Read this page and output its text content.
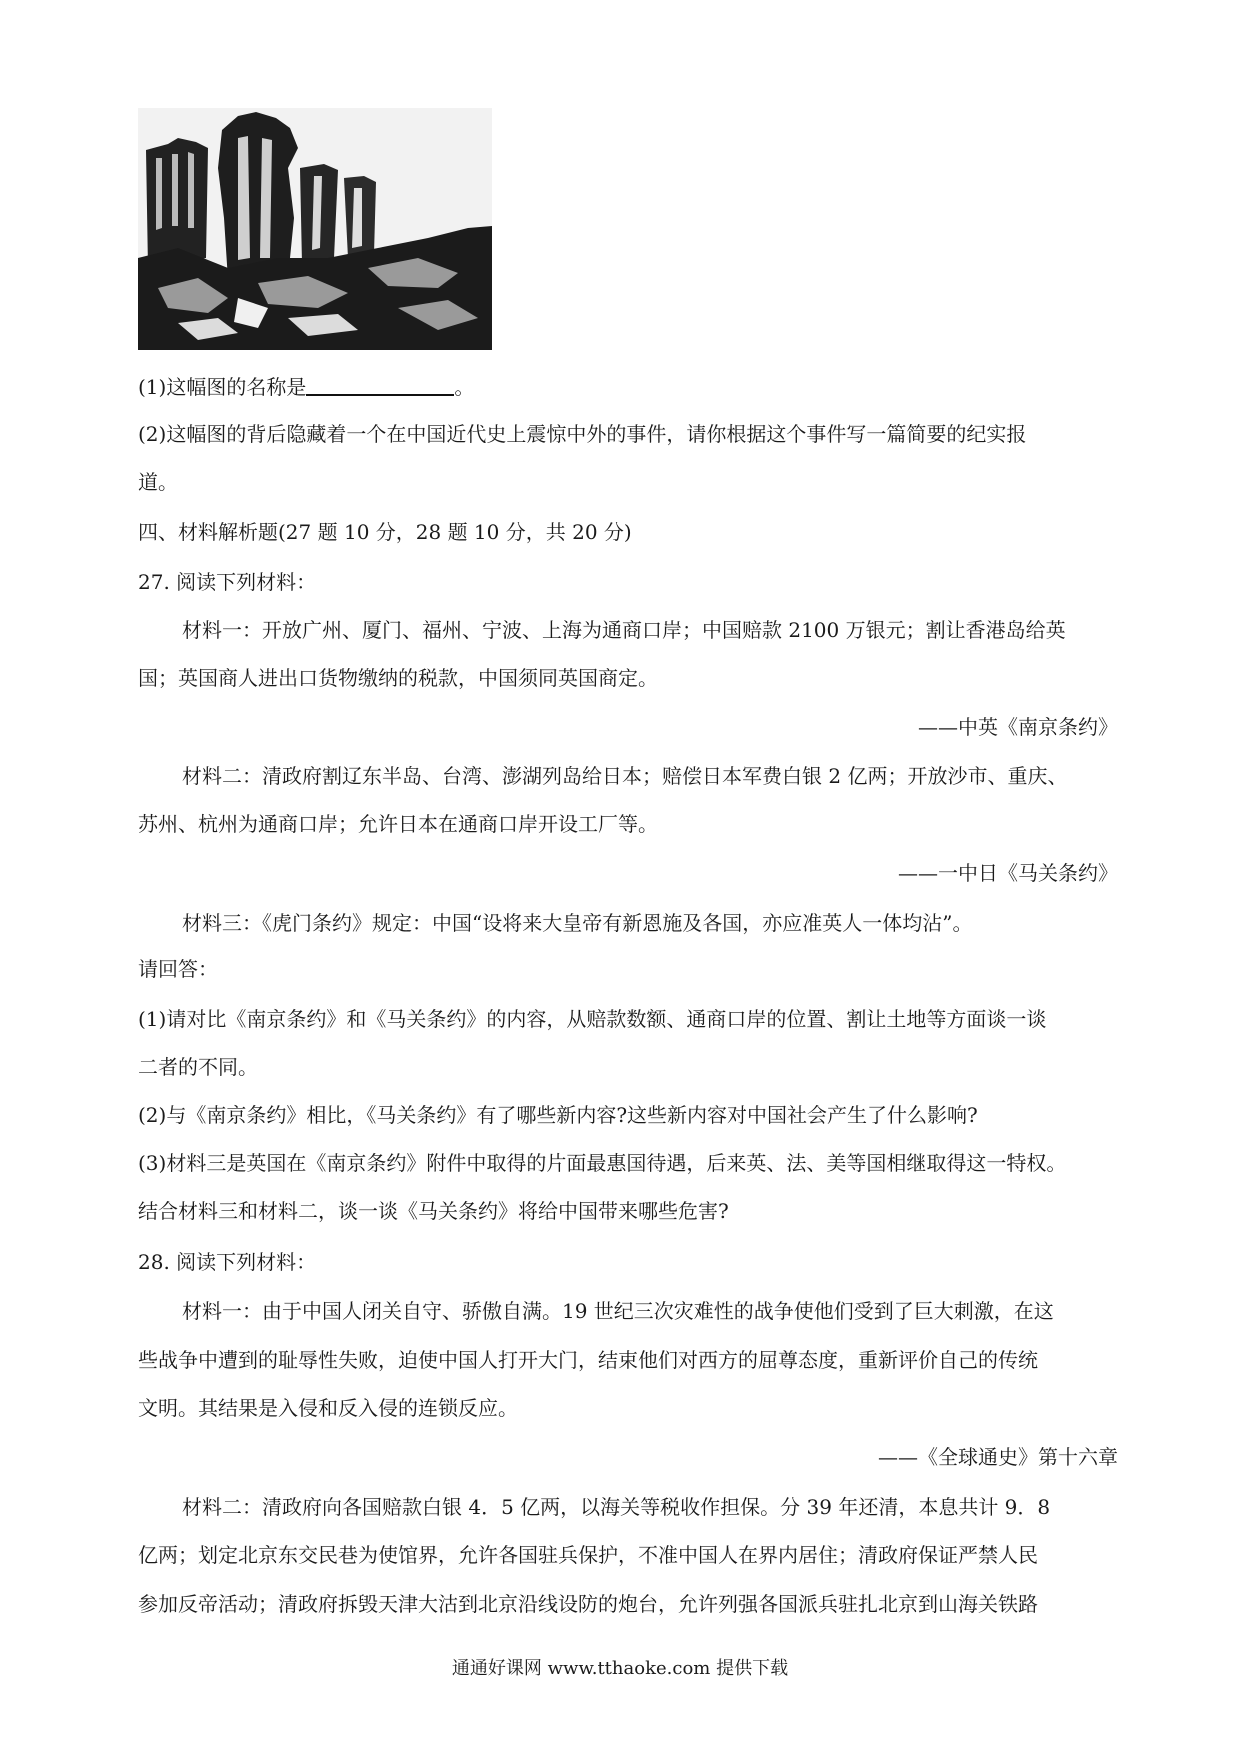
(1)这幅图的名称是	。
(2)这幅图的背后隐藏着一个在中国近代史上震惊中外的事件，请你根据这个事件写一篇简要的纪实报
道。
四、材料解析题(27 题 10 分，28 题 10 分，共 20 分)
27. 阅读下列材料：
材料一：开放广州、厦门、福州、宁波、上海为通商口岸；中国赔款 2100 万银元；割让香港岛给英
国；英国商人进出口货物缴纳的税款，中国须同英国商定。
——中英《南京条约》
材料二：清政府割辽东半岛、台湾、澎湖列岛给日本；赔偿日本军费白银 2 亿两；开放沙市、重庆、
苏州、杭州为通商口岸；允许日本在通商口岸开设工厂等。
——一中日《马关条约》
材料三：《虎门条约》规定：中国“设将来大皇帝有新恩施及各国，亦应准英人一体均沾”。
请回答：
(1)请对比《南京条约》和《马关条约》的内容，从赔款数额、通商口岸的位置、割让土地等方面谈一谈
二者的不同。
(2)与《南京条约》相比，《马关条约》有了哪些新内容?这些新内容对中国社会产生了什么影响?
(3)材料三是英国在《南京条约》附件中取得的片面最惠国待遇，后来英、法、美等国相继取得这一特权。
结合材料三和材料二，谈一谈《马关条约》将给中国带来哪些危害?
28. 阅读下列材料：
材料一：由于中国人闭关自守、骄傲自满。19 世纪三次灾难性的战争使他们受到了巨大刺激，在这
些战争中遭到的耻辱性失败，迫使中国人打开大门，结束他们对西方的屈尊态度，重新评价自己的传统
文明。其结果是入侵和反入侵的连锁反应。
——《全球通史》第十六章
材料二：清政府向各国赔款白银 4．5 亿两，以海关等税收作担保。分 39 年还清，本息共计 9．8
亿两；划定北京东交民巷为使馆界，允许各国驻兵保护，不准中国人在界内居住；清政府保证严禁人民
参加反帝活动；清政府拆毁天津大沽到北京沿线设防的炮台，允许列强各国派兵驻扎北京到山海关铁路
通通好课网 www.tthaoke.com 提供下载
